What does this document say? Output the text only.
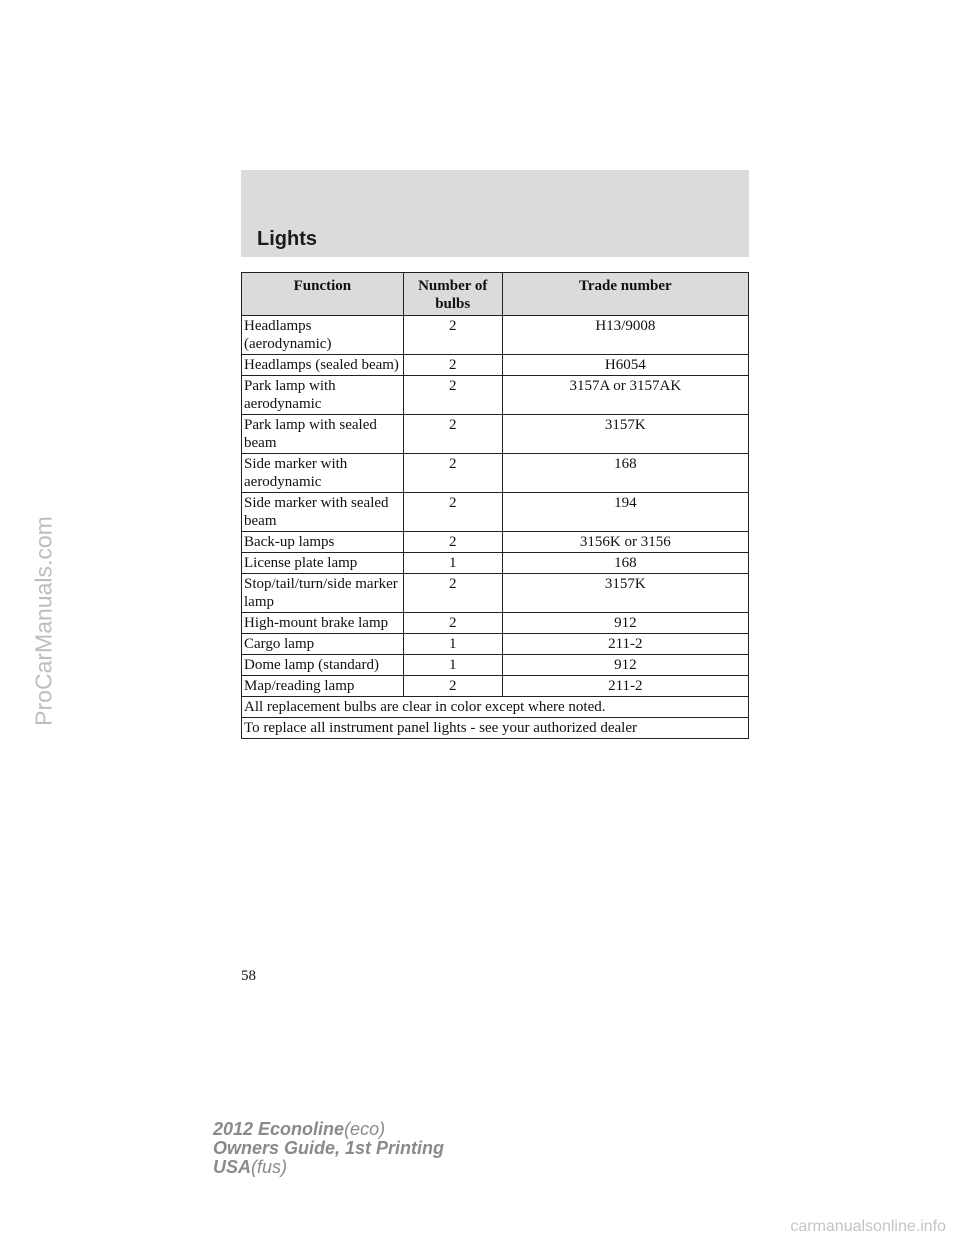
Lights
Function	Number of bulbs	Trade number
Headlamps (aerodynamic)	2	H13/9008
Headlamps (sealed beam)	2	H6054
Park lamp with aerodynamic	2	3157A or 3157AK
Park lamp with sealed beam	2	3157K
Side marker with aerodynamic	2	168
Side marker with sealed beam	2	194
Back-up lamps	2	3156K or 3156
License plate lamp	1	168
Stop/tail/turn/side marker lamp	2	3157K
High-mount brake lamp	2	912
Cargo lamp	1	211-2
Dome lamp (standard)	1	912
Map/reading lamp	2	211-2
All replacement bulbs are clear in color except where noted.		
To replace all instrument panel lights - see your authorized dealer		
58
2012 Econoline(eco)
Owners Guide, 1st Printing
USA(fus)
ProCarManuals.com
carmanualsonline.info
